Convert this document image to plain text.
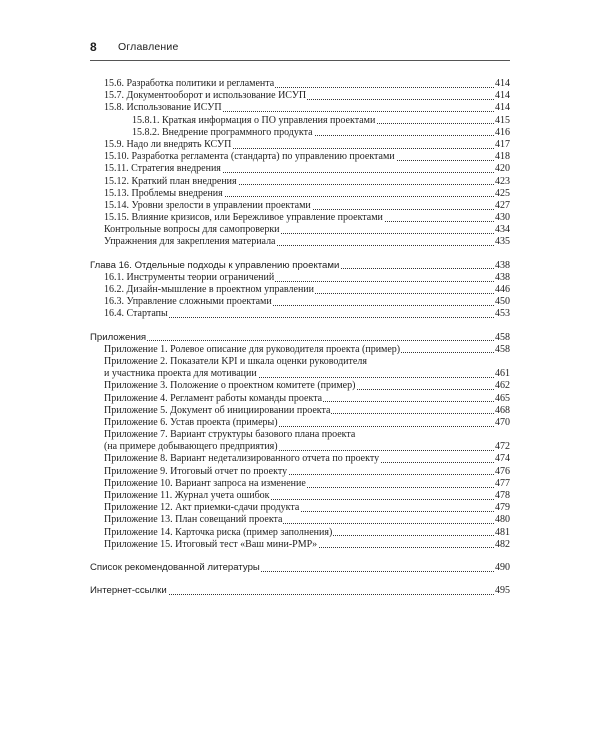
8 Оглавление
15.6. Разработка политики и регламента	414
15.7. Документооборот и использование ИСУП	414
15.8. Использование ИСУП	414
15.8.1. Краткая информация о ПО управления проектами	415
15.8.2. Внедрение программного продукта	416
15.9. Надо ли внедрять КСУП	417
15.10. Разработка регламента (стандарта) по управлению проектами	418
15.11. Стратегия внедрения	420
15.12. Краткий план внедрения	423
15.13. Проблемы внедрения	425
15.14. Уровни зрелости в управлении проектами	427
15.15. Влияние кризисов, или Бережливое управление проектами	430
Контрольные вопросы для самопроверки	434
Упражнения для закрепления материала	435
Глава 16. Отдельные подходы к управлению проектами	438
16.1. Инструменты теории ограничений	438
16.2. Дизайн-мышление в проектном управлении	446
16.3. Управление сложными проектами	450
16.4. Стартапы	453
Приложения	458
Приложение 1. Ролевое описание для руководителя проекта (пример)	458
Приложение 2. Показатели KPI и шкала оценки руководителя
и участника проекта для мотивации	461
Приложение 3. Положение о проектном комитете (пример)	462
Приложение 4. Регламент работы команды проекта	465
Приложение 5. Документ об инициировании проекта	468
Приложение 6. Устав проекта (примеры)	470
Приложение 7. Вариант структуры базового плана проекта
(на примере добывающего предприятия)	472
Приложение 8. Вариант недетализированного отчета по проекту	474
Приложение 9. Итоговый отчет по проекту	476
Приложение 10. Вариант запроса на изменение	477
Приложение 11. Журнал учета ошибок	478
Приложение 12. Акт приемки-сдачи продукта	479
Приложение 13. План совещаний проекта	480
Приложение 14. Карточка риска (пример заполнения)	481
Приложение 15. Итоговый тест «Ваш мини-PMP»	482
Список рекомендованной литературы	490
Интернет-ссылки	495
